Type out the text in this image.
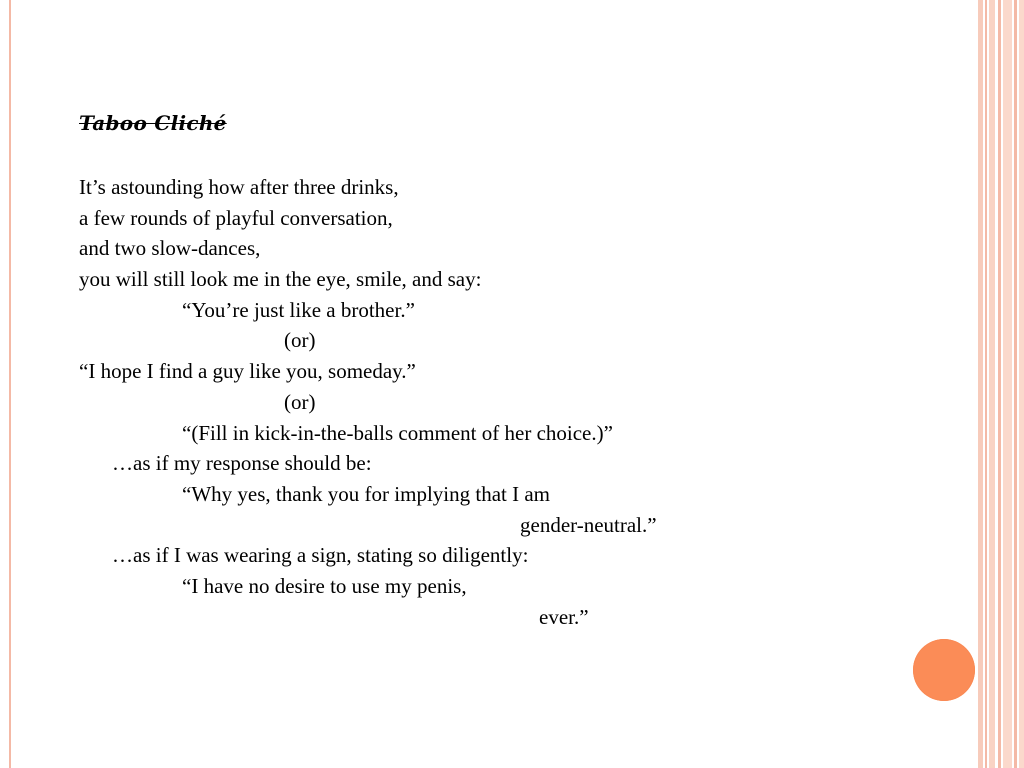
Taboo Cliché
It’s astounding how after three drinks,
a few rounds of playful conversation,
and two slow-dances,
you will still look me in the eye, smile, and say:
“You’re just like a brother.”
(or)
“I hope I find a guy like you, someday.”
(or)
“(Fill in kick-in-the-balls comment of her choice.)”
…as if my response should be:
“Why yes, thank you for implying that I am
gender-neutral.”
…as if I was wearing a sign, stating so diligently:
“I have no desire to use my penis,
ever.”
